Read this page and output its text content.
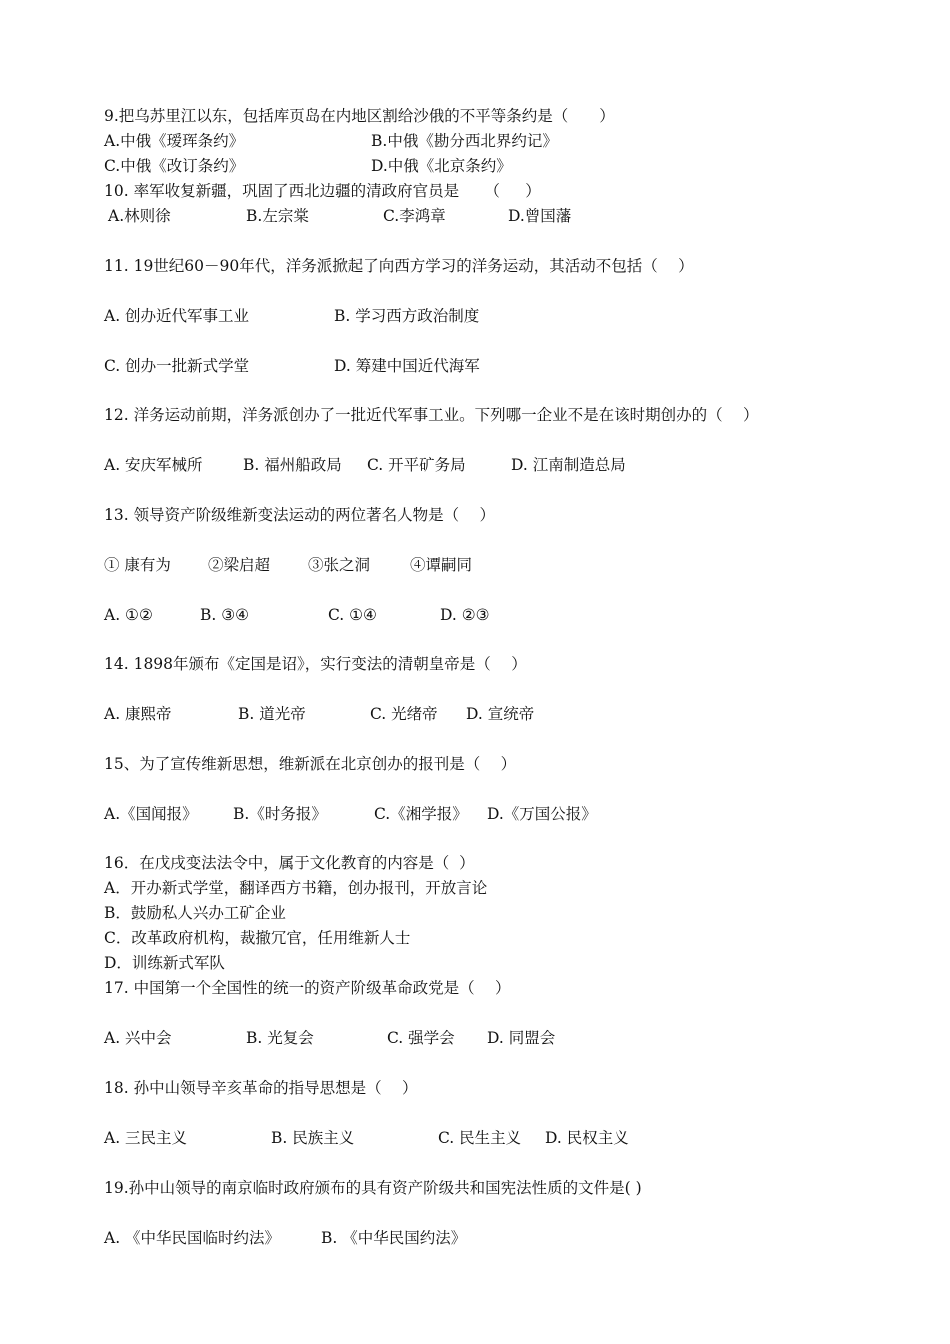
9.把乌苏里江以东，包括库页岛在内地区割给沙俄的不平等条约是（　　）
A.中俄《瑷珲条约》	B.中俄《勘分西北界约记》
C.中俄《改订条约》	D.中俄《北京条约》
10. 率军收复新疆，巩固了西北边疆的清政府官员是　  （　  ）
A.林则徐	B.左宗棠	C.李鸿章	D.曾国藩
11. 19世纪60－90年代，洋务派掀起了向西方学习的洋务运动，其活动不包括（　 ）
A. 创办近代军事工业	B. 学习西方政治制度
C. 创办一批新式学堂	D. 筹建中国近代海军
12. 洋务运动前期，洋务派创办了一批近代军事工业。下列哪一企业不是在该时期创办的（　 ）
A. 安庆军械所	B. 福州船政局 C. 开平矿务局	D. 江南制造总局
13. 领导资产阶级维新变法运动的两位著名人物是（　 ）
① 康有为 ②梁启超 ③张之洞	④谭嗣同
A. ①②	B. ③④	C. ①④	D. ②③
14. 1898年颁布《定国是诏》，实行变法的清朝皇帝是（　 ）
A. 康熙帝	B. 道光帝	C. 光绪帝 D. 宣统帝
15、为了宣传维新思想，维新派在北京创办的报刊是（　 ）
A.《国闻报》 B.《时务报》	C.《湘学报》 D.《万国公报》
16．在戊戌变法法令中，属于文化教育的内容是（  ）
A．开办新式学堂，翻译西方书籍，创办报刊，开放言论
B．鼓励私人兴办工矿企业
C．改革政府机构，裁撤冗官，任用维新人士
D．训练新式军队
17. 中国第一个全国性的统一的资产阶级革命政党是（　 ）
A. 兴中会	B. 光复会	C. 强学会 D. 同盟会
18. 孙中山领导辛亥革命的指导思想是（　 ）
A. 三民主义	B. 民族主义	C. 民生主义 D. 民权主义
19.孙中山领导的南京临时政府颁布的具有资产阶级共和国宪法性质的文件是( )
A. 《中华民国临时约法》	B. 《中华民国约法》
